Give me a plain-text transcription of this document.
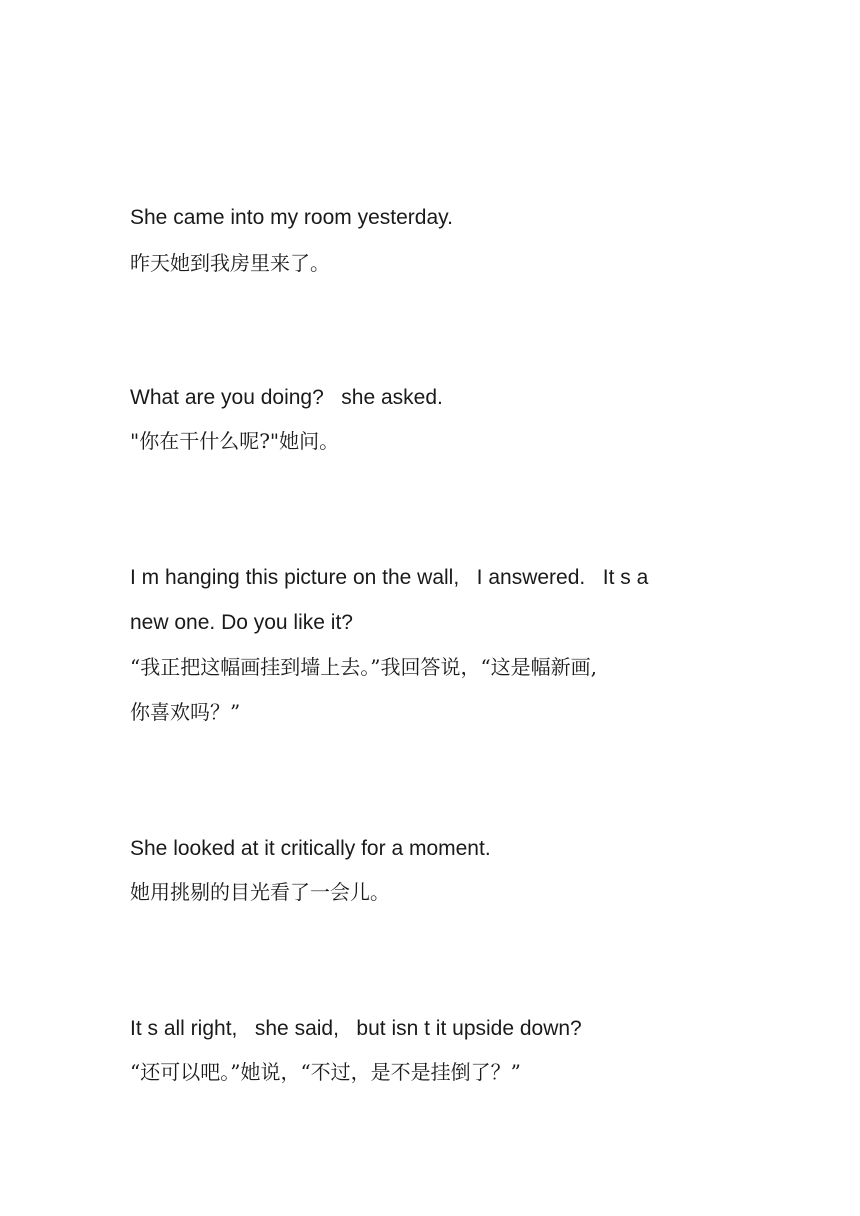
She came into my room yesterday.
昨天她到我房里来了。
What are you doing?   she asked.
"你在干什么呢?"她问。
I m hanging this picture on the wall,   I answered.   It s a
new one. Do you like it?
“我正把这幅画挂到墙上去。”我回答说，“这是幅新画,
你喜欢吗？”
She looked at it critically for a moment.
她用挑剔的目光看了一会儿。
It s all right,   she said,   but isn t it upside down?
“还可以吧。”她说，“不过，是不是挂倒了？”
